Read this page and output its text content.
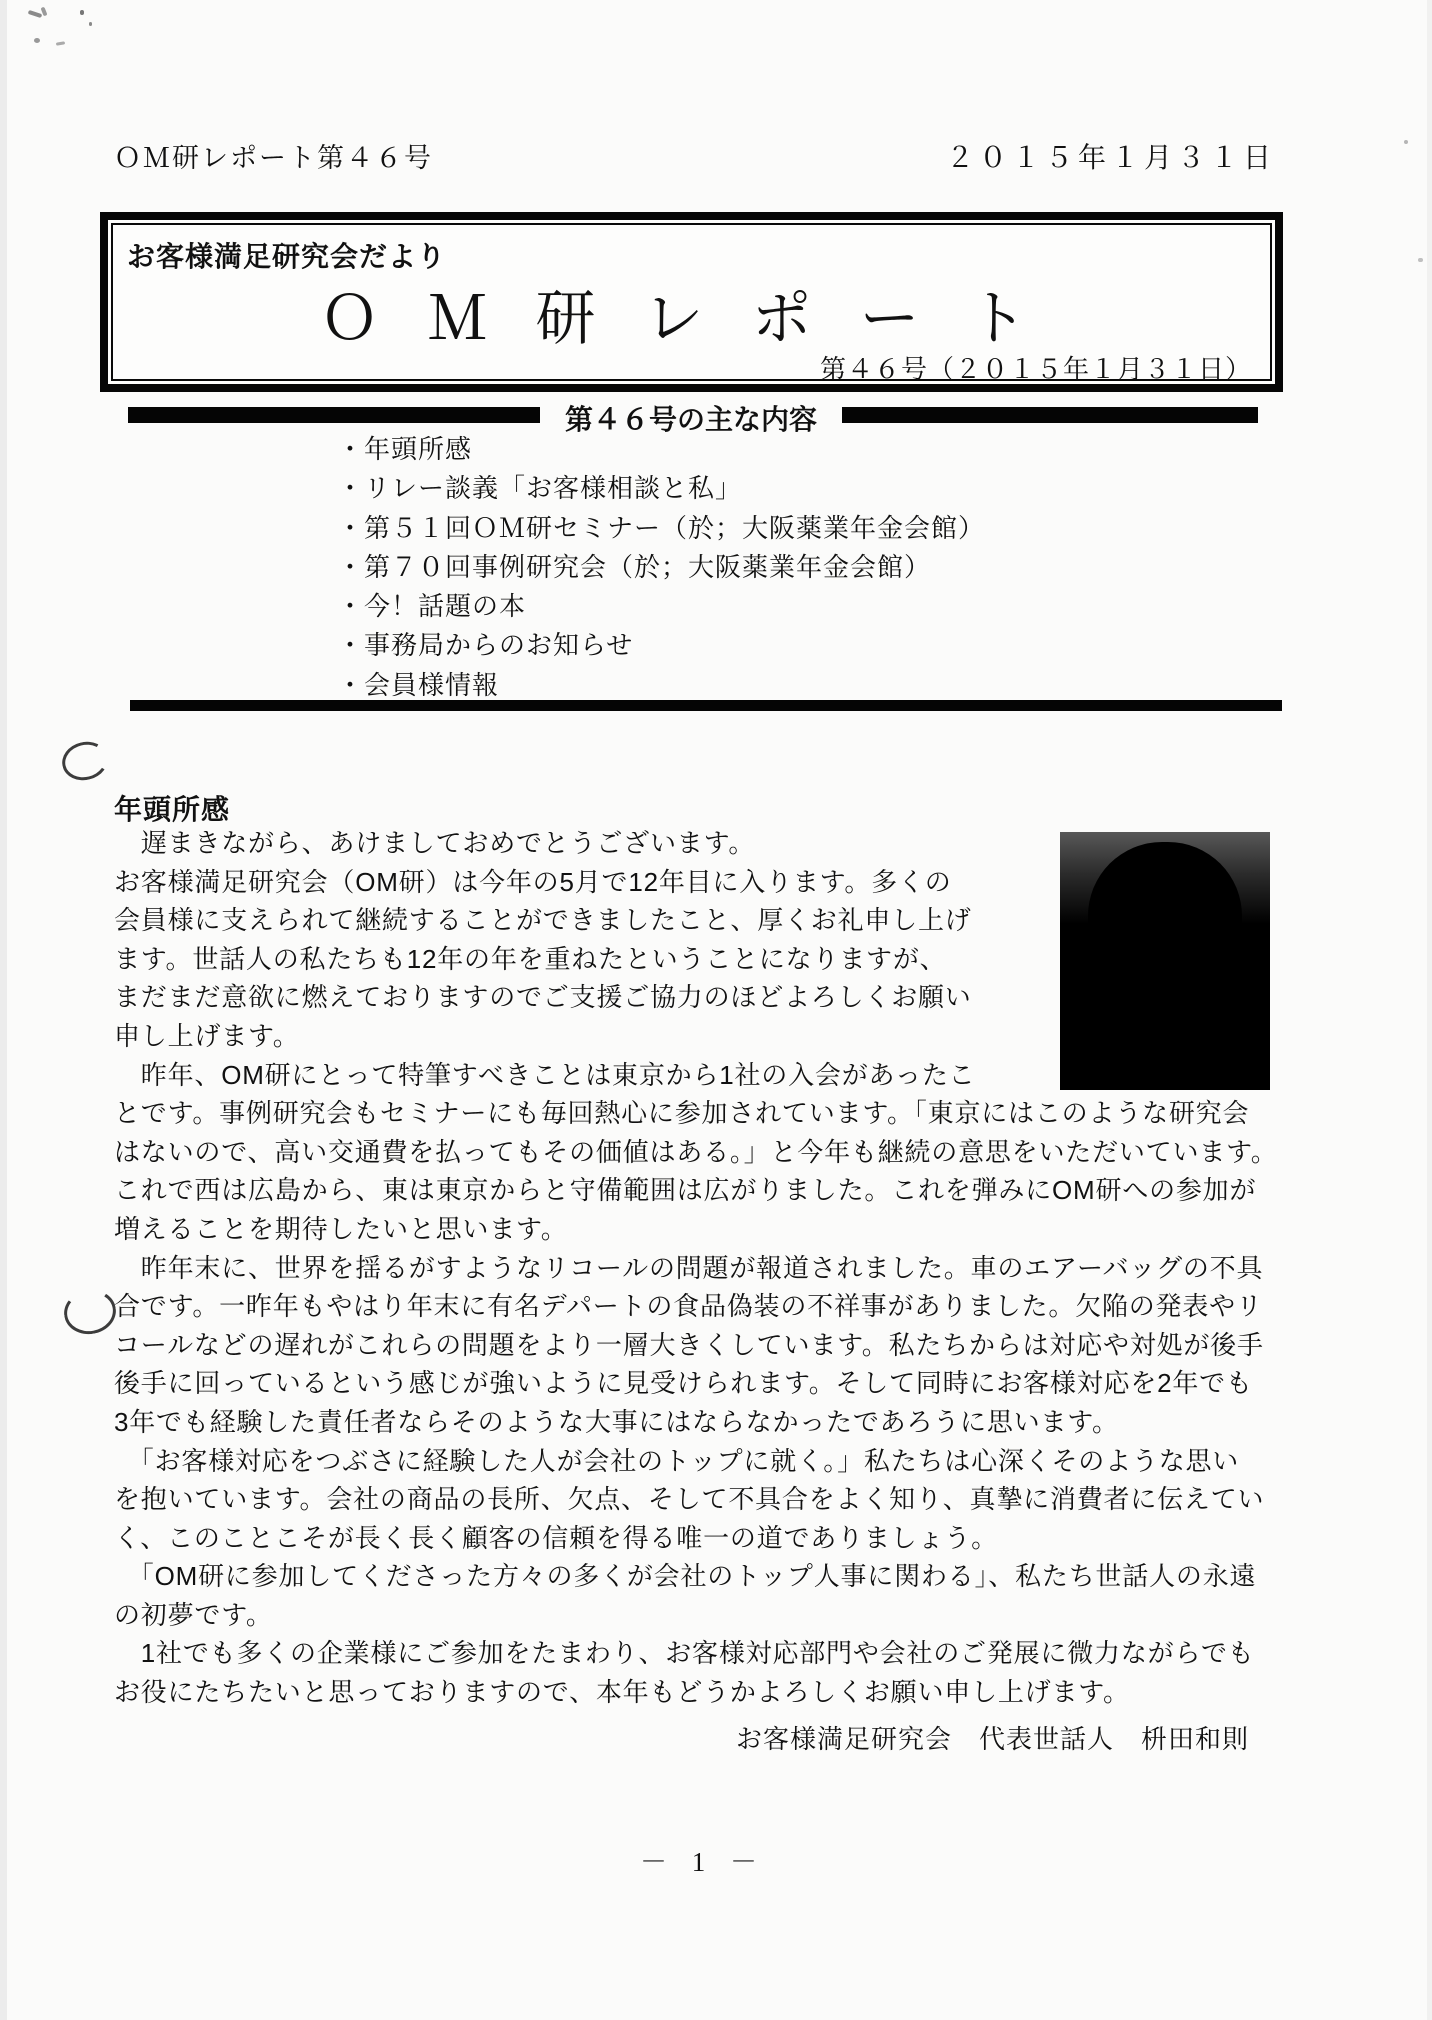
ＯＭ研レポート第４６号	２０１５年１月３１日
お客様満足研究会だより
ＯＭ研レポート
第４６号（２０１５年１月３１日）
第４６号の主な内容
・年頭所感
・リレー談義「お客様相談と私」
・第５１回ＯＭ研セミナー（於；大阪薬業年金会館）
・第７０回事例研究会（於；大阪薬業年金会館）
・今！話題の本
・事務局からのお知らせ
・会員様情報
年頭所感
　遅まきながら、あけましておめでとうございます。
お客様満足研究会（OM研）は今年の5月で12年目に入ります。多くの
会員様に支えられて継続することができましたこと、厚くお礼申し上げ
ます。世話人の私たちも12年の年を重ねたということになりますが、
まだまだ意欲に燃えておりますのでご支援ご協力のほどよろしくお願い
申し上げます。
　昨年、OM研にとって特筆すべきことは東京から1社の入会があったこ
とです。事例研究会もセミナーにも毎回熱心に参加されています。「東京にはこのような研究会
はないので、高い交通費を払ってもその価値はある。」と今年も継続の意思をいただいています。
これで西は広島から、東は東京からと守備範囲は広がりました。これを弾みにOM研への参加が
増えることを期待したいと思います。
　昨年末に、世界を揺るがすようなリコールの問題が報道されました。車のエアーバッグの不具
合です。一昨年もやはり年末に有名デパートの食品偽装の不祥事がありました。欠陥の発表やリ
コールなどの遅れがこれらの問題をより一層大きくしています。私たちからは対応や対処が後手
後手に回っているという感じが強いように見受けられます。そして同時にお客様対応を2年でも
3年でも経験した責任者ならそのような大事にはならなかったであろうに思います。
　「お客様対応をつぶさに経験した人が会社のトップに就く。」私たちは心深くそのような思い
を抱いています。会社の商品の長所、欠点、そして不具合をよく知り、真摯に消費者に伝えてい
く、このことこそが長く長く顧客の信頼を得る唯一の道でありましょう。
　「OM研に参加してくださった方々の多くが会社のトップ人事に関わる」、私たち世話人の永遠
の初夢です。
　1社でも多くの企業様にご参加をたまわり、お客様対応部門や会社のご発展に微力ながらでも
お役にたちたいと思っておりますので、本年もどうかよろしくお願い申し上げます。
お客様満足研究会　代表世話人　枡田和則
－ 1 －
